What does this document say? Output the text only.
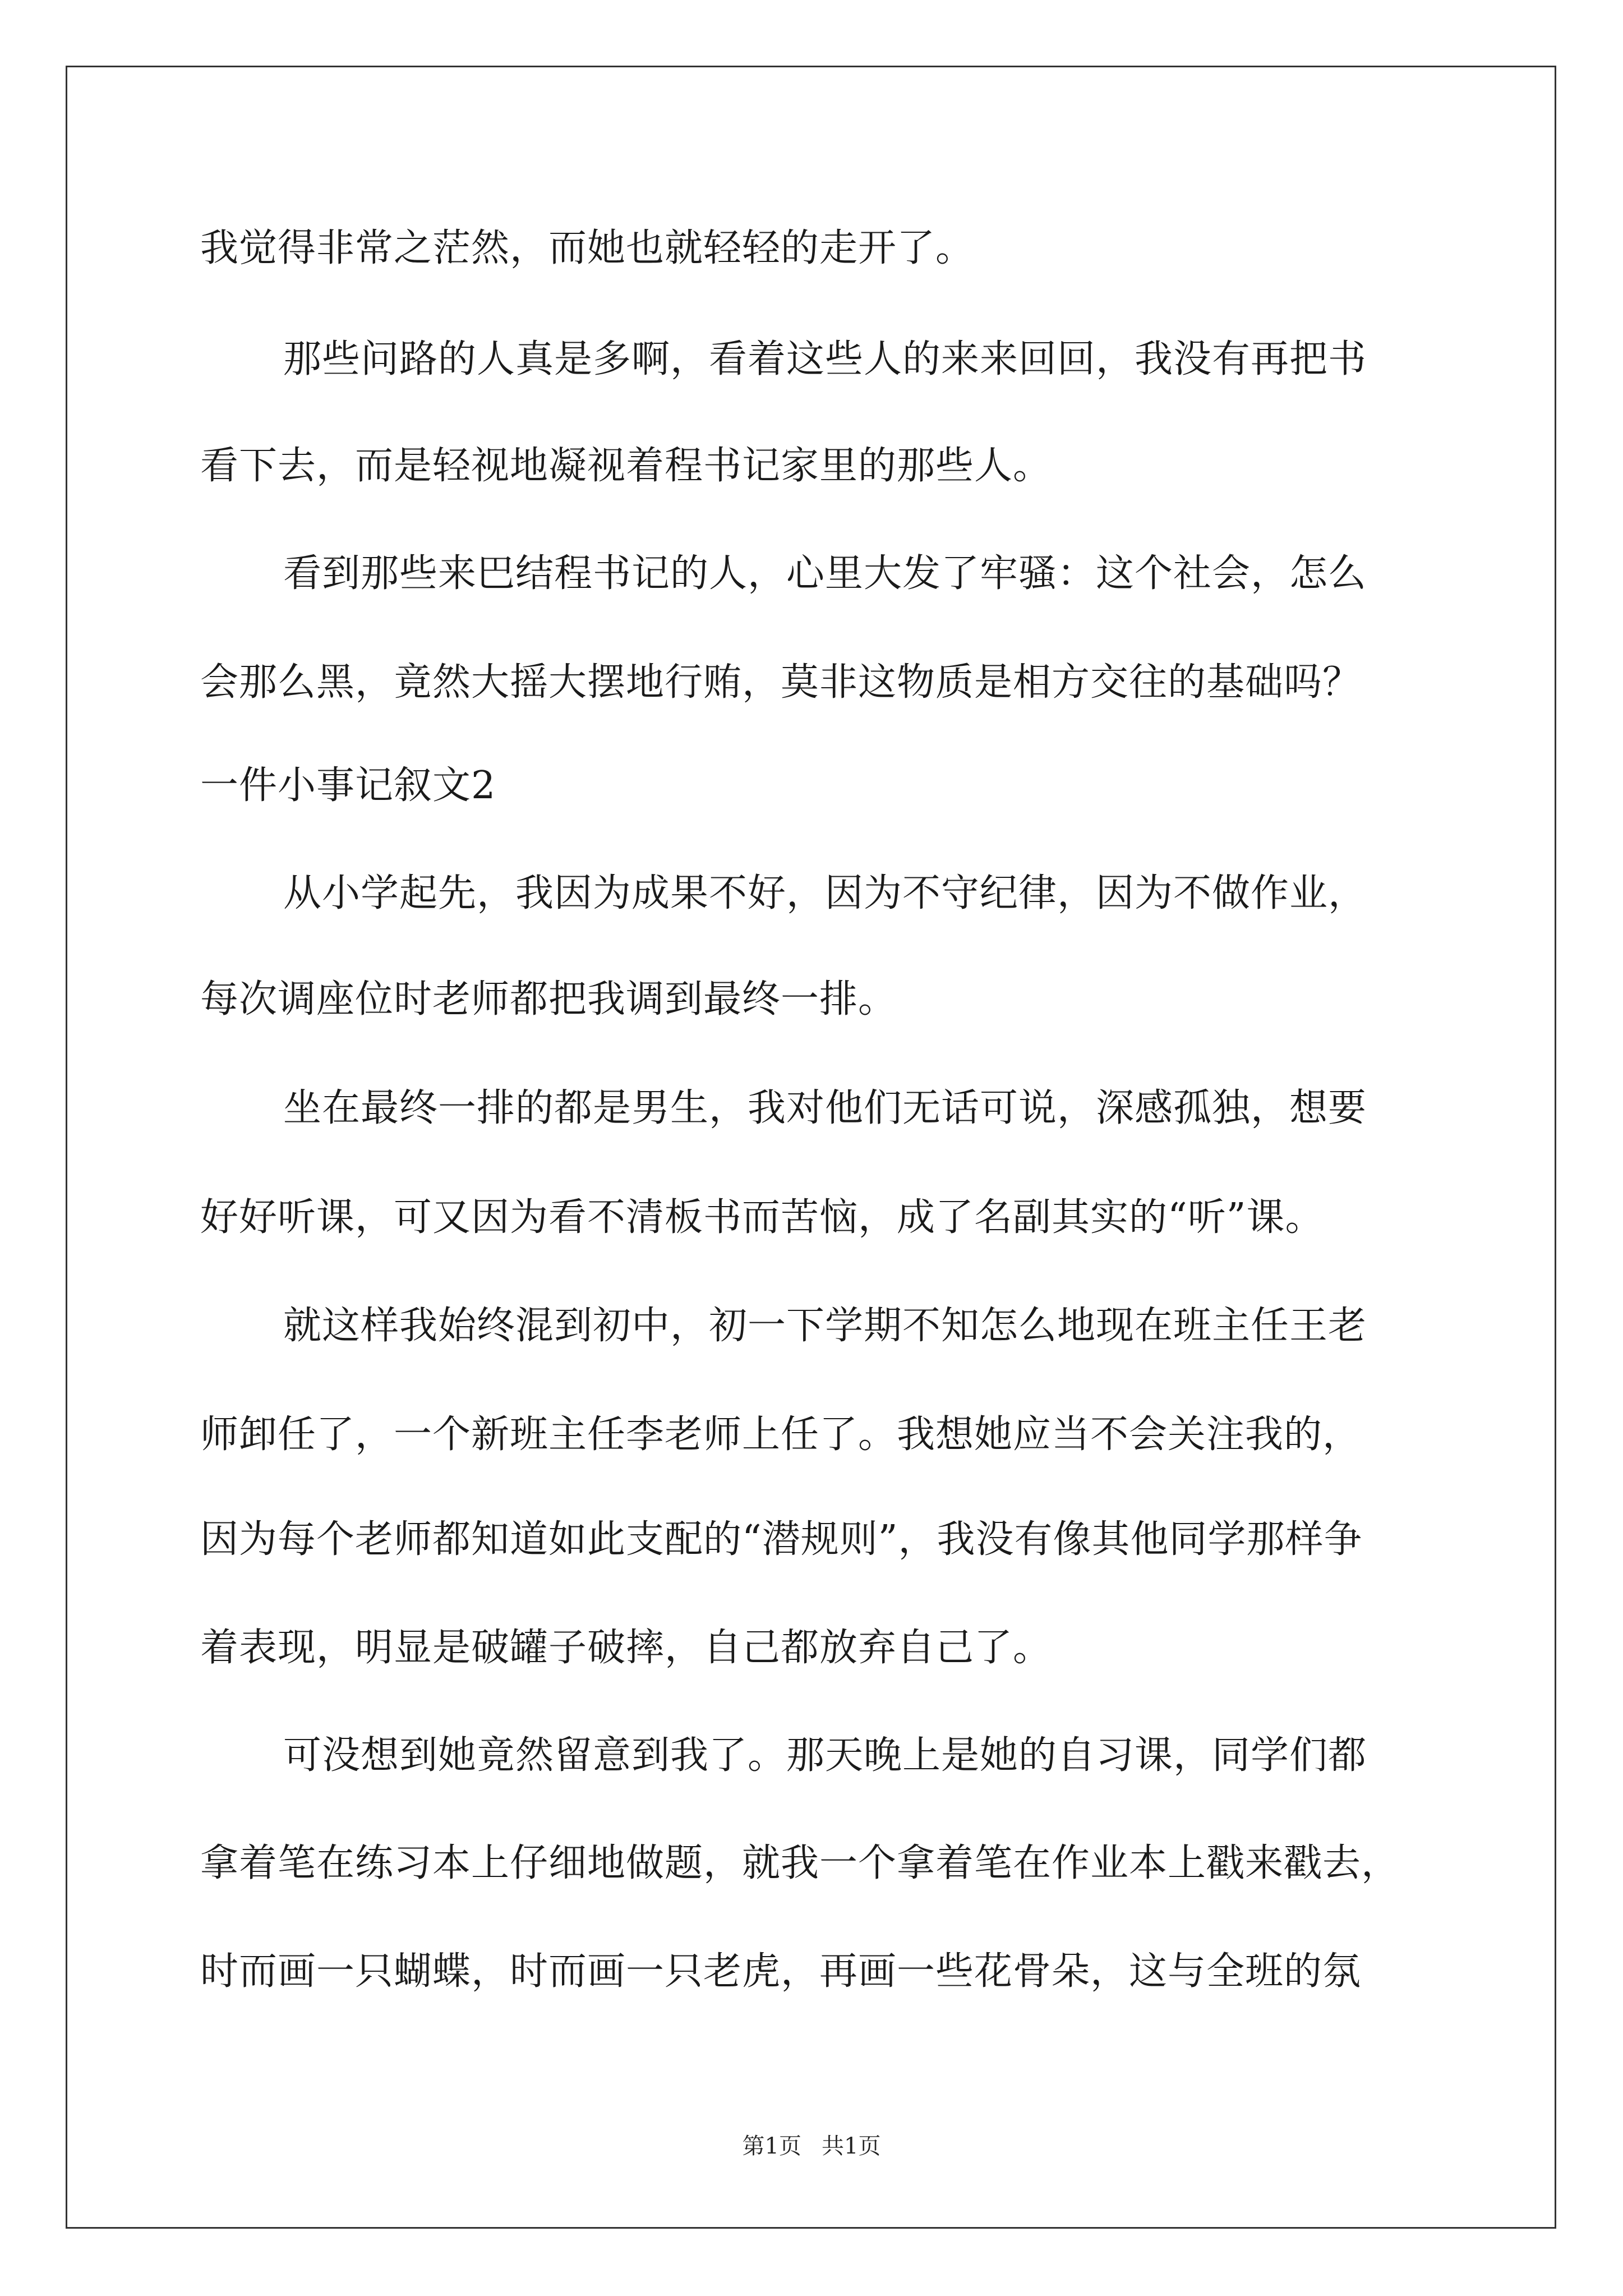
我觉得非常之茫然，而她也就轻轻的走开了。
那些问路的人真是多啊，看着这些人的来来回回，我没有再把书
看下去，而是轻视地凝视着程书记家里的那些人。
看到那些来巴结程书记的人，心里大发了牢骚：这个社会，怎么
会那么黑，竟然大摇大摆地行贿，莫非这物质是相方交往的基础吗？
一件小事记叙文2
从小学起先，我因为成果不好，因为不守纪律，因为不做作业，
每次调座位时老师都把我调到最终一排。
坐在最终一排的都是男生，我对他们无话可说，深感孤独，想要
好好听课，可又因为看不清板书而苦恼，成了名副其实的“听”课。
就这样我始终混到初中，初一下学期不知怎么地现在班主任王老
师卸任了，一个新班主任李老师上任了。我想她应当不会关注我的，
因为每个老师都知道如此支配的“潜规则”，我没有像其他同学那样争
着表现，明显是破罐子破摔，自己都放弃自己了。
可没想到她竟然留意到我了。那天晚上是她的自习课，同学们都
拿着笔在练习本上仔细地做题，就我一个拿着笔在作业本上戳来戳去，
时而画一只蝴蝶，时而画一只老虎，再画一些花骨朵，这与全班的氛
第1页 共1页
